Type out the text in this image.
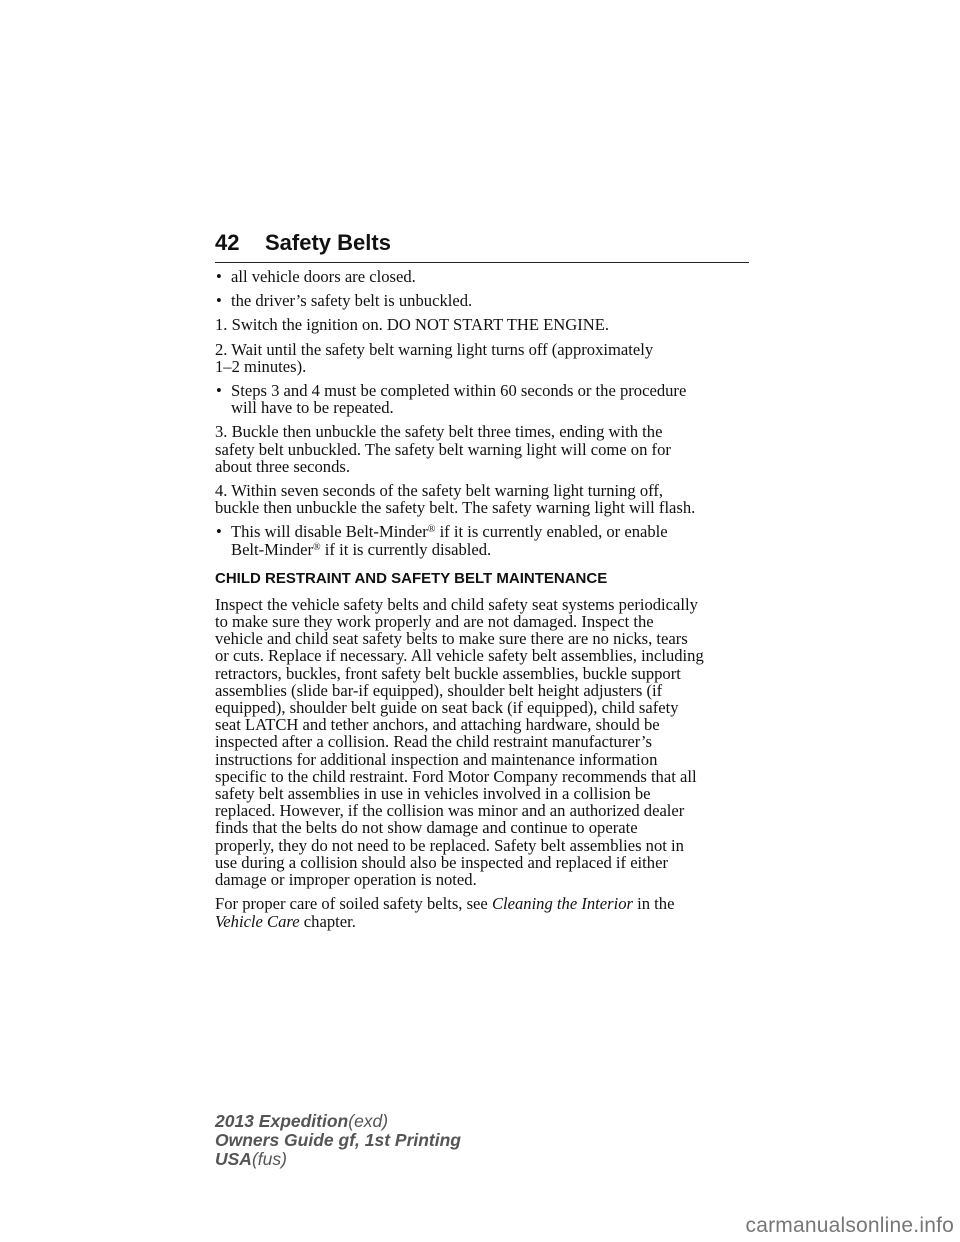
42 Safety Belts
• all vehicle doors are closed.
• the driver’s safety belt is unbuckled.
1. Switch the ignition on. DO NOT START THE ENGINE.
2. Wait until the safety belt warning light turns off (approximately
1–2 minutes).
• Steps 3 and 4 must be completed within 60 seconds or the procedure
will have to be repeated.
3. Buckle then unbuckle the safety belt three times, ending with the
safety belt unbuckled. The safety belt warning light will come on for
about three seconds.
4. Within seven seconds of the safety belt warning light turning off,
buckle then unbuckle the safety belt. The safety warning light will flash.
• This will disable Belt-Minder® if it is currently enabled, or enable
Belt-Minder® if it is currently disabled.
CHILD RESTRAINT AND SAFETY BELT MAINTENANCE
Inspect the vehicle safety belts and child safety seat systems periodically
to make sure they work properly and are not damaged. Inspect the
vehicle and child seat safety belts to make sure there are no nicks, tears
or cuts. Replace if necessary. All vehicle safety belt assemblies, including
retractors, buckles, front safety belt buckle assemblies, buckle support
assemblies (slide bar-if equipped), shoulder belt height adjusters (if
equipped), shoulder belt guide on seat back (if equipped), child safety
seat LATCH and tether anchors, and attaching hardware, should be
inspected after a collision. Read the child restraint manufacturer’s
instructions for additional inspection and maintenance information
specific to the child restraint. Ford Motor Company recommends that all
safety belt assemblies in use in vehicles involved in a collision be
replaced. However, if the collision was minor and an authorized dealer
finds that the belts do not show damage and continue to operate
properly, they do not need to be replaced. Safety belt assemblies not in
use during a collision should also be inspected and replaced if either
damage or improper operation is noted.
For proper care of soiled safety belts, see Cleaning the Interior in the
Vehicle Care chapter.
2013 Expedition(exd)
Owners Guide gf, 1st Printing
USA(fus)
carmanualsonline.info
